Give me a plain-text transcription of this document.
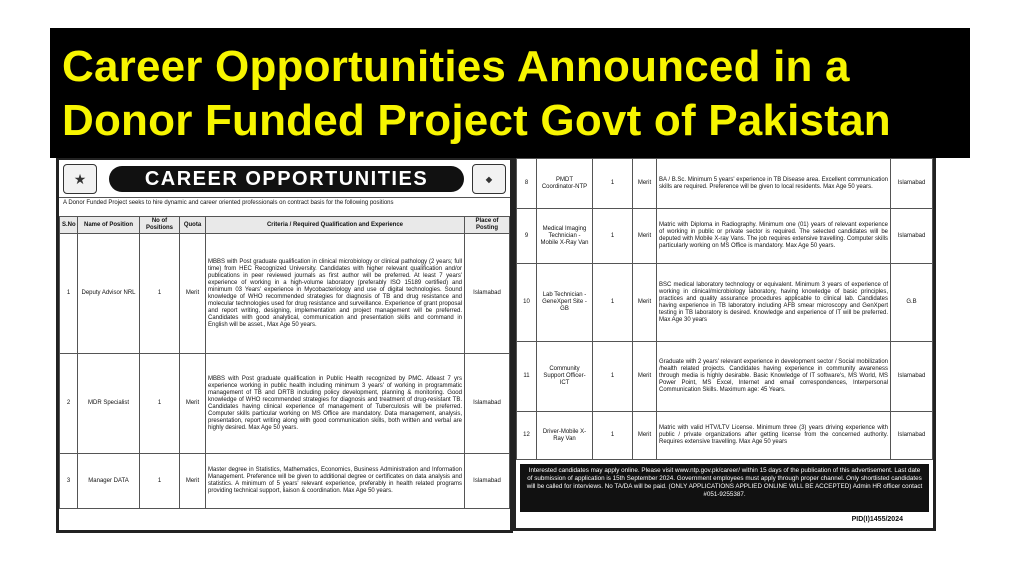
Career Opportunities Announced in a
Donor Funded Project Govt of Pakistan
★	CAREER OPPORTUNITIES	◆
A Donor Funded Project seeks to hire dynamic and career oriented professionals on contract basis for the following positions
S.No	Name of Position	No of Positions	Quota	Criteria / Required Qualification and Experience	Place of Posting
1	Deputy Advisor NRL	1	Merit	MBBS with Post graduate qualification in clinical microbiology or clinical pathology (2 years; full time) from HEC Recognized University. Candidates with higher relevant qualification and/or publications in peer reviewed journals as first author will be preferred. At least 7 years' experience of working in a high-volume laboratory (preferably ISO 15189 certified) and minimum 03 Years' experience in Mycobacteriology and use of digital technologies. Sound knowledge of WHO recommended strategies for diagnosis of TB and drug resistance and molecular technologies used for drug resistance and surveillance. Experience of grant proposal and report writing, designing, implementation and project management will be preferred. Candidates with good analytical, communication and presentation skills and command in English will be asset., Max Age 50 years.	Islamabad
2	MDR Specialist	1	Merit	MBBS with Post graduate qualification in Public Health recognized by PMC. Atleast 7 yrs experience working in public health including minimum 3 years' of working in programmatic management of TB and DRTB including policy development, planning & monitoring. Good knowledge of WHO recommended strategies for diagnosis and treatment of drug-resistant TB. Candidates having clinical experience of management of Tuberculosis will be preferred. Computer skills particular working on MS Office are mandatory. Data management, analysis, presentation, report writing along with good communication skills, both written and verbal are highly desired. Max Age 50 years.	Islamabad
3	Manager DATA	1	Merit	Master degree in Statistics, Mathematics, Economics, Business Administration and Information Management. Preference will be given to additional degree or certificates on data analysis and statistics. A minimum of 5 years' relevant experience, preferably in health related programs providing technical support, liaison & coordination. Max Age 50 years.	Islamabad
8	PMDT Coordinator-NTP	1	Merit	BA / B.Sc. Minimum 5 years' experience in TB Disease area. Excellent communication skills are required. Preference will be given to local residents. Max Age 50 years.	Islamabad
9	Medical Imaging Technician - Mobile X-Ray Van	1	Merit	Matric with Diploma in Radiography. Minimum one (01) years of relevant experience of working in public or private sector is required. The selected candidates will be deputed with Mobile X-ray Vans. The job requires extensive travelling. Computer skills particularly working on MS Office is mandatory. Max Age 50 years.	Islamabad
10	Lab Technician - GeneXpert Site - GB	1	Merit	BSC medical laboratory technology or equivalent. Minimum 3 years of experience of working in clinical/microbiology laboratory, having knowledge of basic principles, practices and quality assurance procedures applicable to clinical lab. Candidates having experience in TB laboratory including AFB smear microscopy and GenXpert testing in TB laboratory is desired. Knowledge and experience of IT will be preferred. Max Age 30 years	G.B
11	Community Support Officer- ICT	1	Merit	Graduate with 2 years' relevant experience in development sector / Social mobilization /health related projects. Candidates having experience in community awareness through media is highly desirable. Basic Knowledge of IT software's, MS World, MS Power Point, MS Excel, Internet and email correspondences, Interpersonal Communication Skills. Maximum age: 45 Years.	Islamabad
12	Driver-Mobile X- Ray Van	1	Merit	Matric with valid HTV/LTV License. Minimum three (3) years driving experience with public / private organizations after getting license from the concerned authority. Requires extensive travelling. Max Age 50 years	Islamabad
Interested candidates may apply online. Please visit www.ntp.gov.pk/career/ within 15 days of the publication of this advertisement. Last date of submission of application is 15th September 2024. Government employees must apply through proper channel. Only shortlisted candidates will be called for interviews. No TA/DA will be paid. (ONLY APPLICATIONS APPLIED ONLINE WILL BE ACCEPTED) Admin HR officer contact #051-9255387.
PID(I)1455/2024
